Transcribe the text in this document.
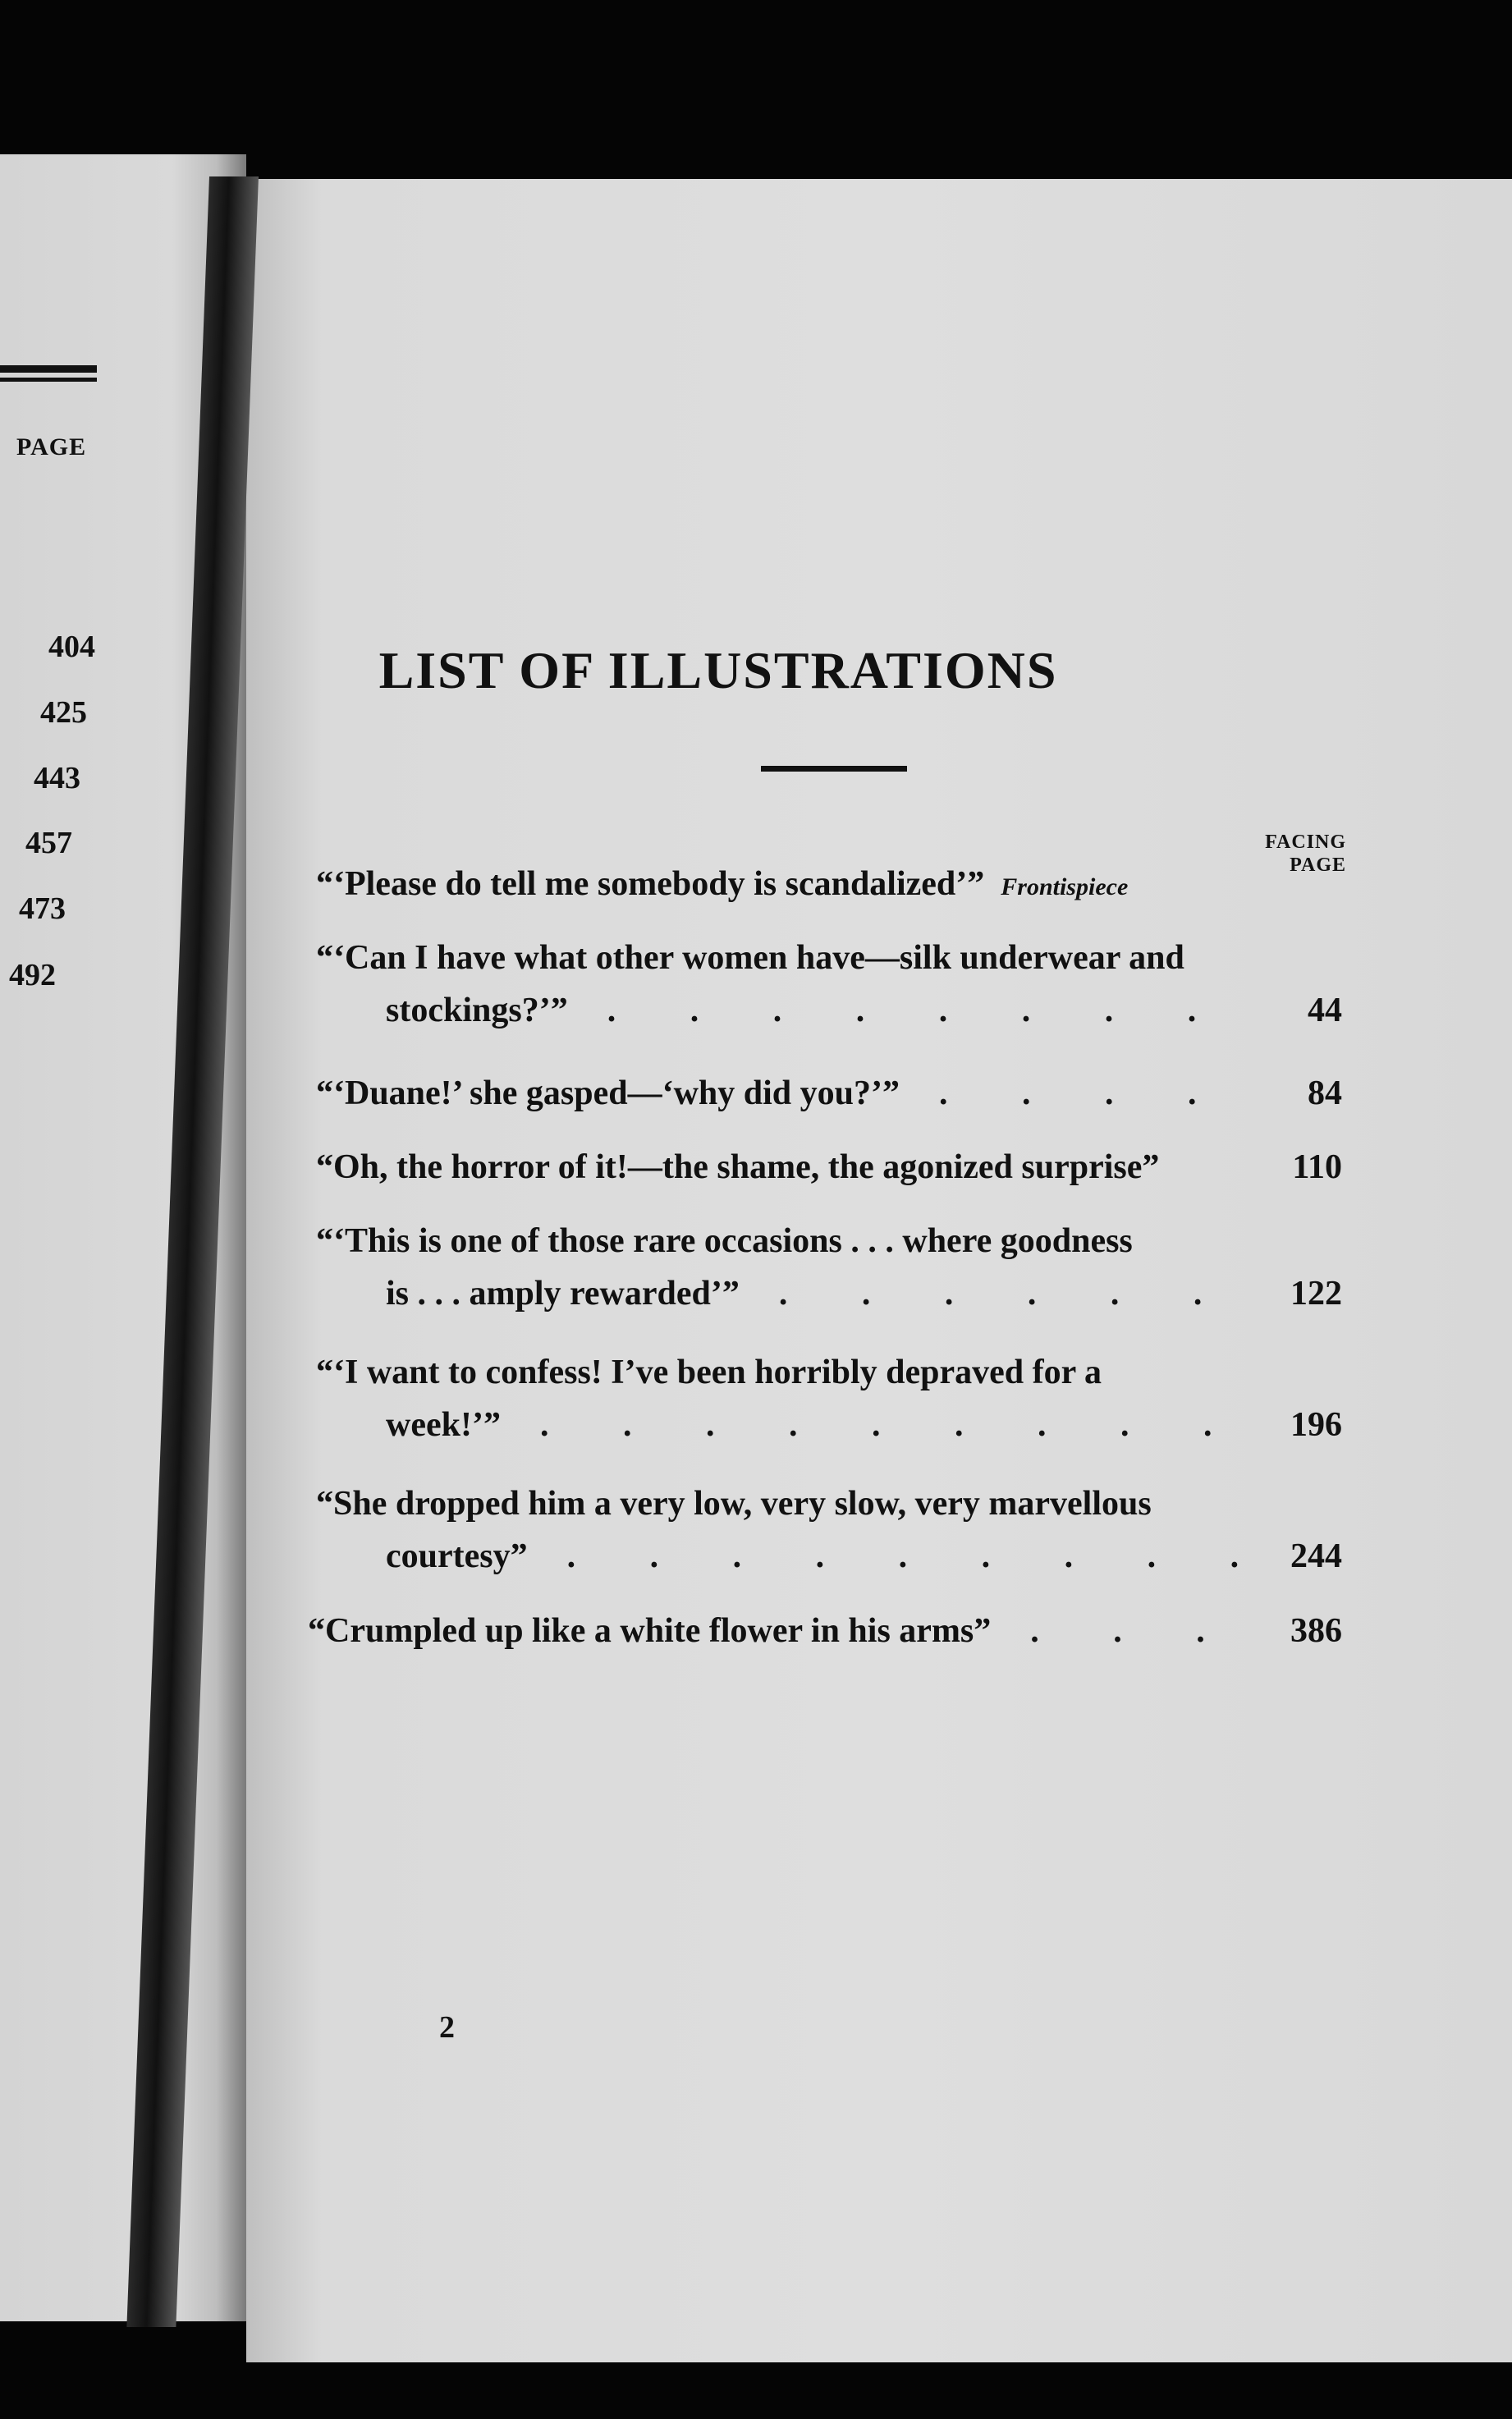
PAGE
404
425
443
457
473
492
LIST OF ILLUSTRATIONS
FACING PAGE
“‘Please do tell me somebody is scandalized’” Frontispiece
“‘Can I have what other women have—silk underwear and
stockings?’” . . .	44
“‘Duane!’ she gasped—‘why did you?’” . . .	84
“Oh, the horror of it!—the shame, the agonized surprise”	110
“‘This is one of those rare occasions . . . where goodness
is . . . amply rewarded’” . . .	122
“‘I want to confess! I’ve been horribly depraved for a
week!’” . . .	196
“She dropped him a very low, very slow, very marvellous
courtesy” . . .	244
“Crumpled up like a white flower in his arms” . . .	386
2
